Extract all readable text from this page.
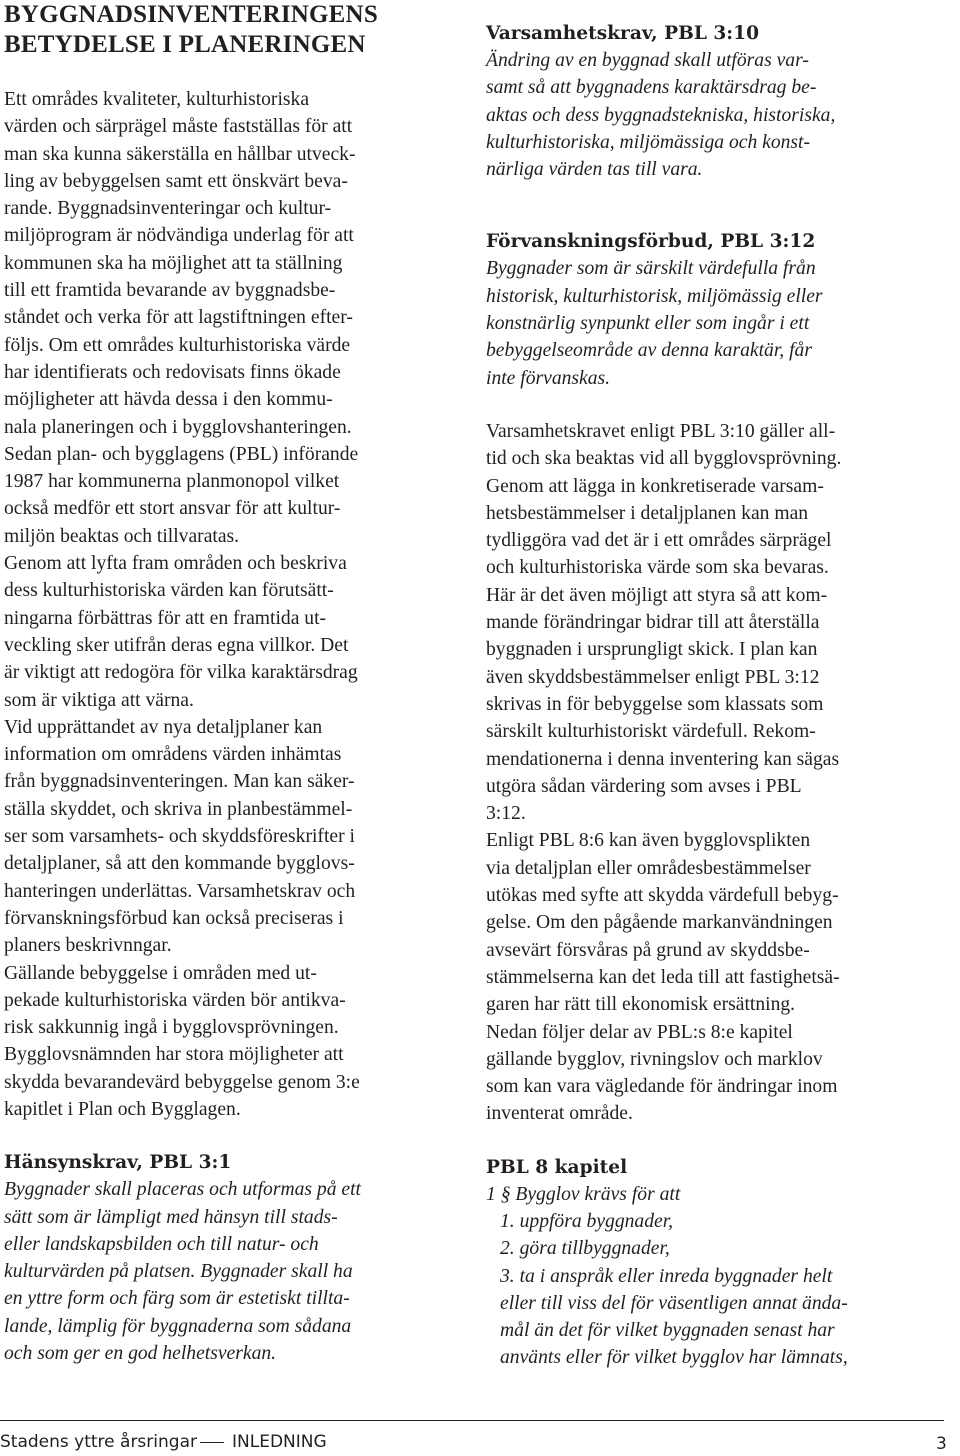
BYGGNADSINVENTERINGENS
BETYDELSE I PLANERINGEN

Ett områdes kvaliteter, kulturhistoriska
värden och särprägel måste fastställas för att
man ska kunna säkerställa en hållbar utveck-
ling av bebyggelsen samt ett önskvärt beva-
rande. Byggnadsinventeringar och kultur-
miljöprogram är nödvändiga underlag för att
kommunen ska ha möjlighet att ta ställning
till ett framtida bevarande av byggnadsbe-
ståndet och verka för att lagstiftningen efter-
följs. Om ett områdes kulturhistoriska värde
har identifierats och redovisats finns ökade
möjligheter att hävda dessa i den kommu-
nala planeringen och i bygglovshanteringen.
Sedan plan- och bygglagens (PBL) införande
1987 har kommunerna planmonopol vilket
också medför ett stort ansvar för att kultur-
miljön beaktas och tillvaratas.

Genom att lyfta fram områden och beskriva
dess kulturhistoriska värden kan förutsätt-
ningarna förbättras för att en framtida ut-
veckling sker utifrån deras egna villkor. Det
är viktigt att redogöra för vilka karaktärsdrag
som är viktiga att värna.

Vid upprättandet av nya detaljplaner kan
information om områdens värden inhämtas
från byggnadsinventeringen. Man kan säker-
ställa skyddet, och skriva in planbestämmel-
ser som varsamhets- och skyddsföreskrifter i
detaljplaner, så att den kommande bygglovs-
hanteringen underlättas. Varsamhetskrav och
förvanskningsförbud kan också preciseras i
planers beskrivnngar.

Gällande bebyggelse i områden med ut-
pekade kulturhistoriska värden bör antikva-
risk sakkunnig ingå i bygglovsprövningen.
Bygglovsnämnden har stora möjligheter att
skydda bevarandevärd bebyggelse genom 3:e
kapitlet i Plan och Bygglagen.

Hänsynskrav, PBL 3:1

Byggnader skall placeras och utformas på ett
sätt som är lämpligt med hänsyn till stads-
eller landskapsbilden och till natur- och
kulturvärden på platsen. Byggnader skall ha
en yttre form och färg som är estetiskt tillta-
lande, lämplig för byggnaderna som sådana
och som ger en god helhetsverkan.

Varsamhetskrav, PBL 3:10

Ändring av en byggnad skall utföras var-
samt så att byggnadens karaktärsdrag be-
aktas och dess byggnadstekniska, historiska,
kulturhistoriska, miljömässiga och konst-
närliga värden tas till vara.

Förvanskningsförbud, PBL 3:12

Byggnader som är särskilt värdefulla från
historisk, kulturhistorisk, miljömässig eller
konstnärlig synpunkt eller som ingår i ett
bebyggelseområde av denna karaktär, får
inte förvanskas.

Varsamhetskravet enligt PBL 3:10 gäller all-
tid och ska beaktas vid all bygglovsprövning.
Genom att lägga in konkretiserade varsam-
hetsbestämmelser i detaljplanen kan man
tydliggöra vad det är i ett områdes särprägel
och kulturhistoriska värde som ska bevaras.
Här är det även möjligt att styra så att kom-
mande förändringar bidrar till att återställa
byggnaden i ursprungligt skick. I plan kan
även skyddsbestämmelser enligt PBL 3:12
skrivas in för bebyggelse som klassats som
särskilt kulturhistoriskt värdefull. Rekom-
mendationerna i denna inventering kan sägas
utgöra sådan värdering som avses i PBL
3:12.

Enligt PBL 8:6 kan även bygglovsplikten
via detaljplan eller områdesbestämmelser
utökas med syfte att skydda värdefull bebyg-
gelse. Om den pågående markanvändningen
avsevärt försvåras på grund av skyddsbe-
stämmelserna kan det leda till att fastighetsä-
garen har rätt till ekonomisk ersättning.

Nedan följer delar av PBL:s 8:e kapitel
gällande bygglov, rivningslov och marklov
som kan vara vägledande för ändringar inom
inventerat område.

PBL 8 kapitel

1 § Bygglov krävs för att

1. uppföra byggnader,

2. göra tillbyggnader,

3. ta i anspråk eller inreda byggnader helt
eller till viss del för väsentligen annat ända-
mål än det för vilket byggnaden senast har
använts eller för vilket bygglov har lämnats,

Stadens yttre årsringar INLEDNING	3
